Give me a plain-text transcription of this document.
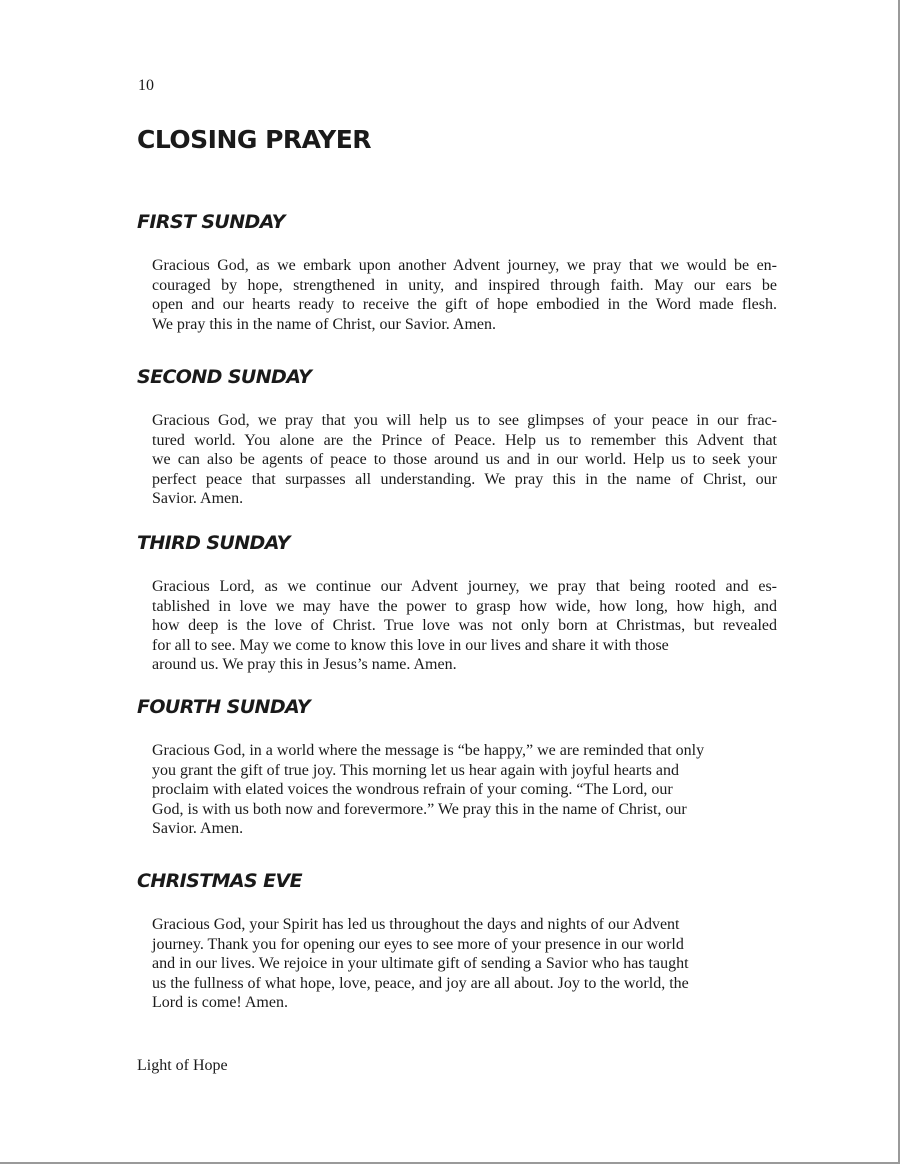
10
CLOSING PRAYER
FIRST SUNDAY

Gracious God, as we embark upon another Advent journey, we pray that we would be en-
couraged by hope, strengthened in unity, and inspired through faith. May our ears be
open and our hearts ready to receive the gift of hope embodied in the Word made flesh.
We pray this in the name of Christ, our Savior. Amen.

SECOND SUNDAY

Gracious God, we pray that you will help us to see glimpses of your peace in our frac-
tured world. You alone are the Prince of Peace. Help us to remember this Advent that
we can also be agents of peace to those around us and in our world. Help us to seek your
perfect peace that surpasses all understanding. We pray this in the name of Christ, our
Savior. Amen.

THIRD SUNDAY

Gracious Lord, as we continue our Advent journey, we pray that being rooted and es-
tablished in love we may have the power to grasp how wide, how long, how high, and
how deep is the love of Christ. True love was not only born at Christmas, but revealed
for all to see. May we come to know this love in our lives and share it with those
around us. We pray this in Jesus’s name. Amen.

FOURTH SUNDAY

Gracious God, in a world where the message is “be happy,” we are reminded that only
you grant the gift of true joy. This morning let us hear again with joyful hearts and
proclaim with elated voices the wondrous refrain of your coming. “The Lord, our
God, is with us both now and forevermore.” We pray this in the name of Christ, our
Savior. Amen.

CHRISTMAS EVE

Gracious God, your Spirit has led us throughout the days and nights of our Advent
journey. Thank you for opening our eyes to see more of your presence in our world
and in our lives. We rejoice in your ultimate gift of sending a Savior who has taught
us the fullness of what hope, love, peace, and joy are all about. Joy to the world, the
Lord is come! Amen.

Light of Hope
